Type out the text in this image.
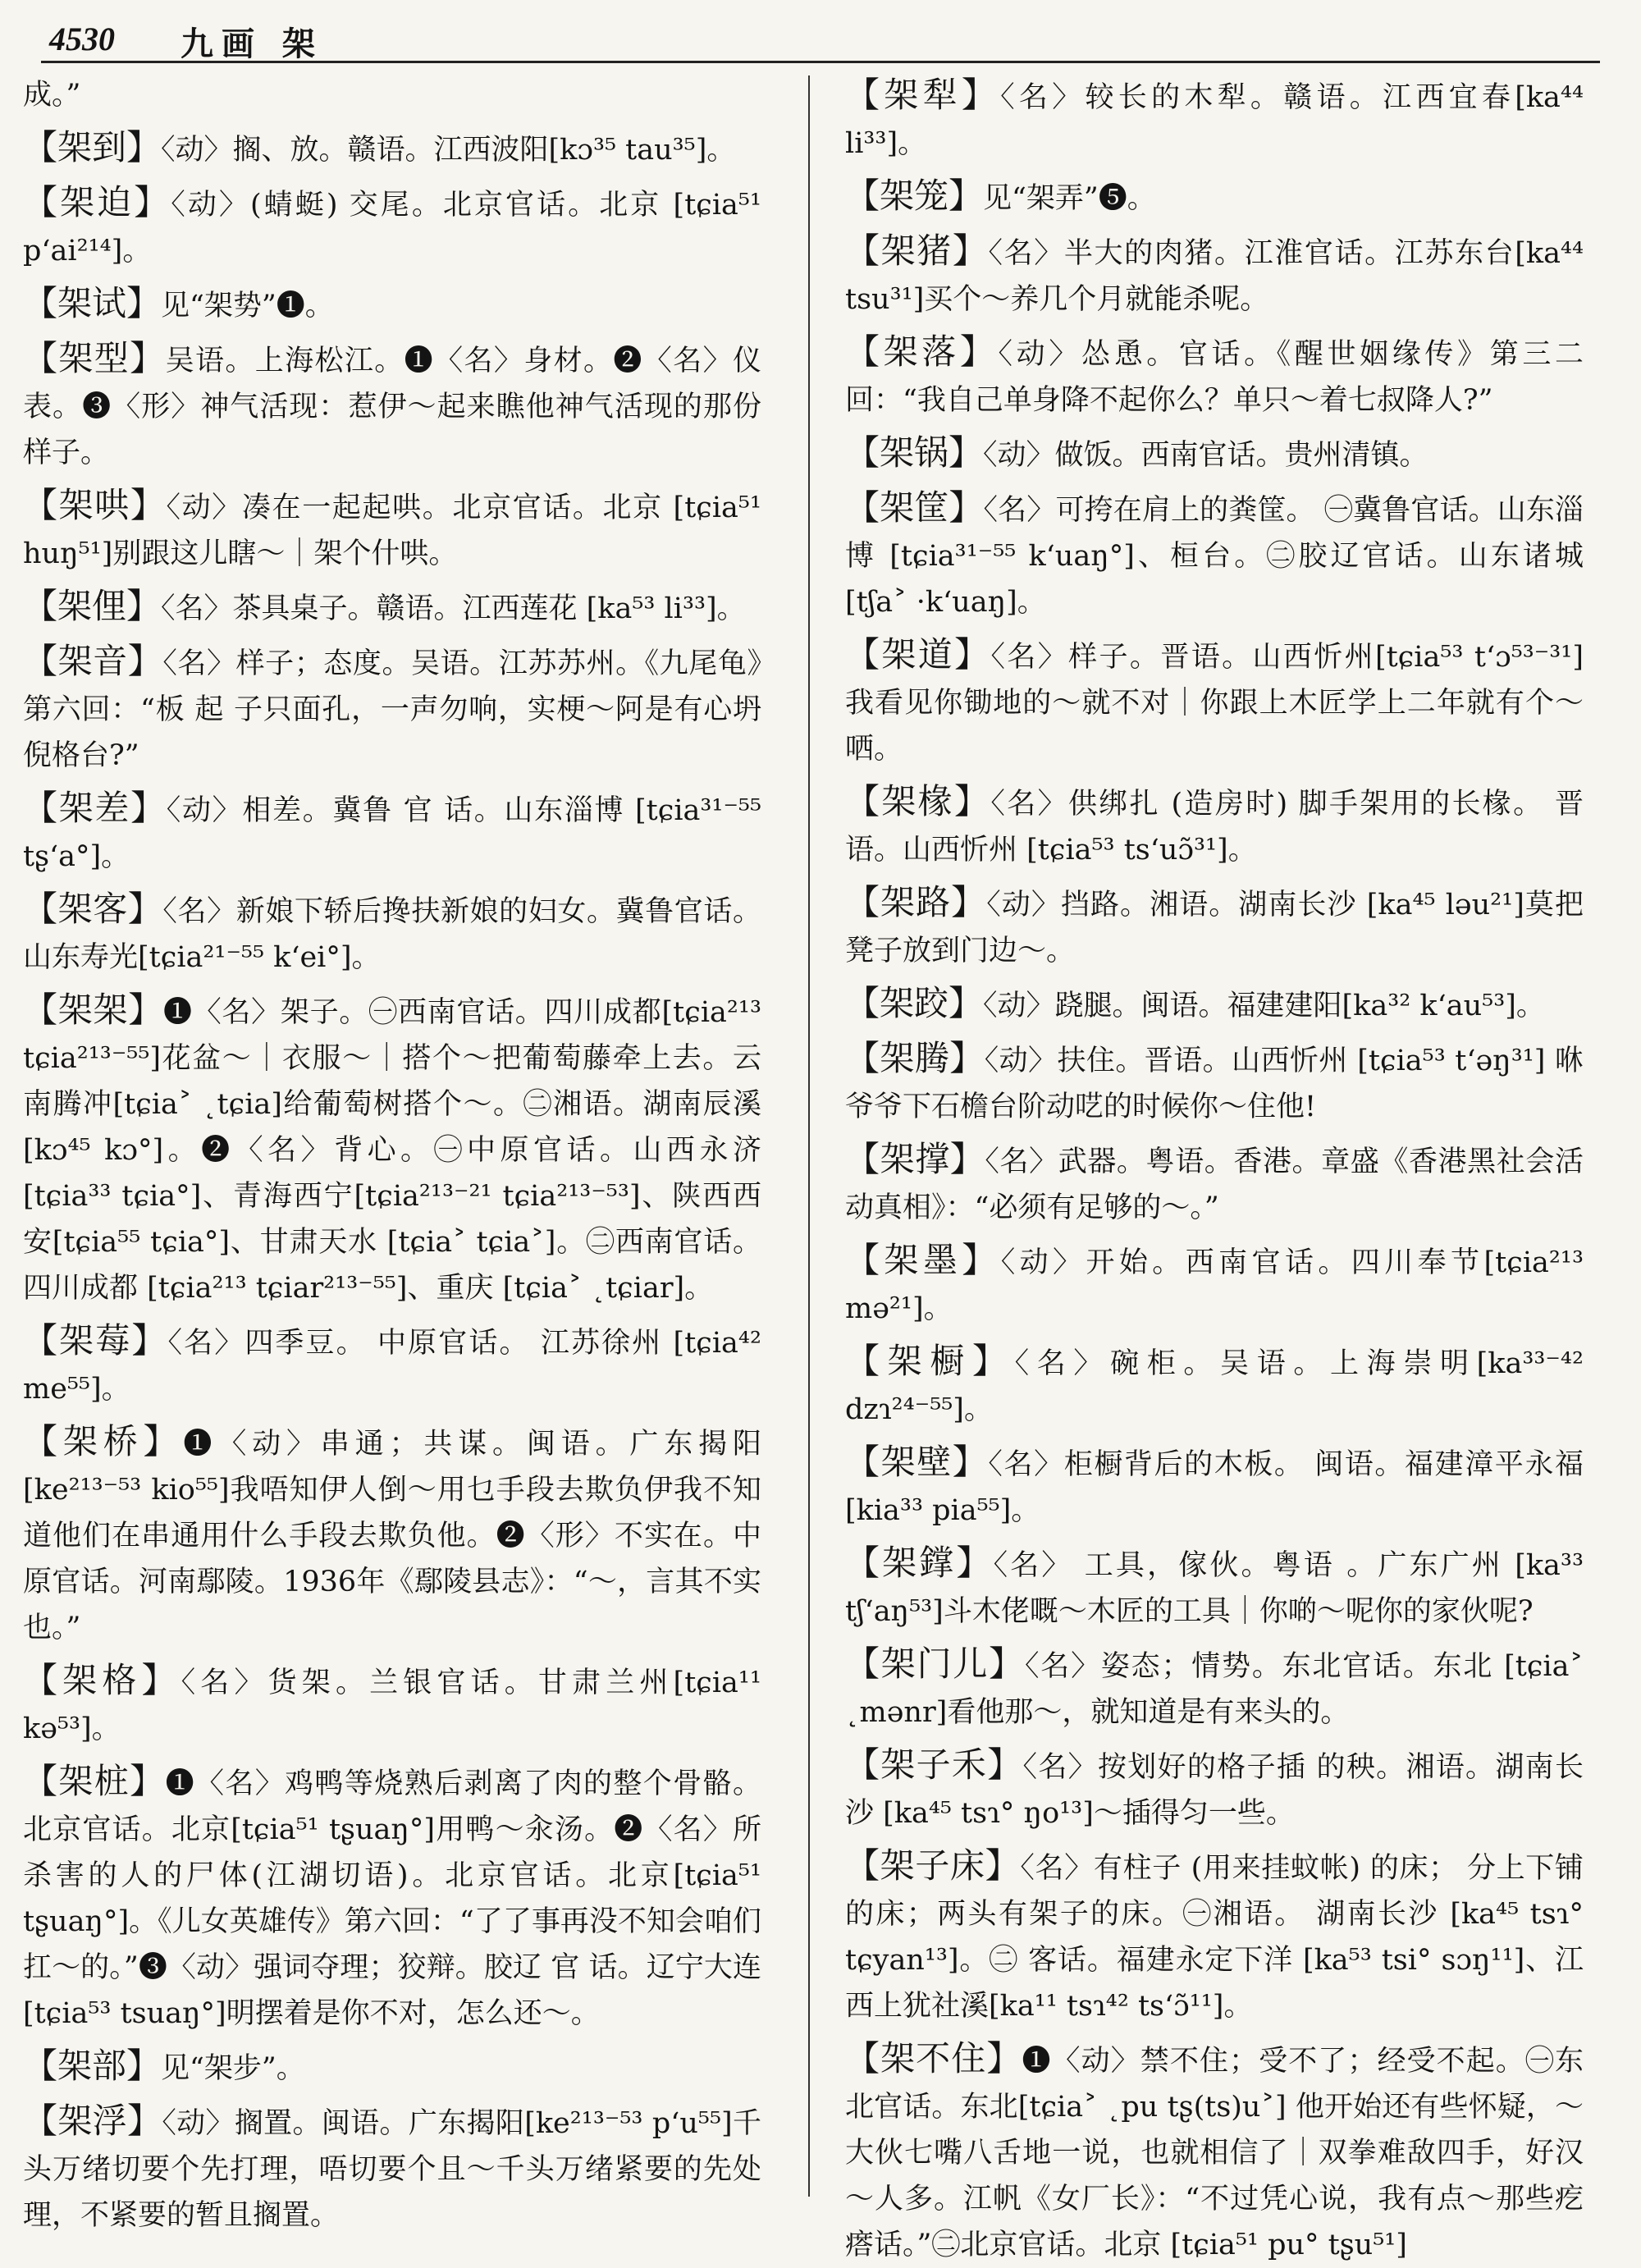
4530 九画 架
成。”
【架到】〈动〉搁、放。赣语。江西波阳[kɔ³⁵ tau³⁵]。
【架迫】〈动〉(蜻蜓) 交尾。北京官话。北京 [tɕia⁵¹ p‘ai²¹⁴]。
【架试】见“架势”❶。
【架型】吴语。上海松江。❶〈名〉身材。❷〈名〉仪表。❸〈形〉神气活现：惹伊～起来瞧他神气活现的那份样子。
【架哄】〈动〉凑在一起起哄。北京官话。北京 [tɕia⁵¹ huŋ⁵¹]别跟这儿瞎～｜架个什哄。
【架俚】〈名〉茶具桌子。赣语。江西莲花 [ka⁵³ li³³]。
【架音】〈名〉样子；态度。吴语。江苏苏州。《九尾龟》第六回：“板 起 子只面孔，一声勿响，实梗～阿是有心坍倪格台?”
【架差】〈动〉相差。冀鲁 官 话。山东淄博 [tɕia³¹⁻⁵⁵ tʂ‘a°]。
【架客】〈名〉新娘下轿后搀扶新娘的妇女。冀鲁官话。山东寿光[tɕia²¹⁻⁵⁵ k‘ei°]。
【架架】❶〈名〉架子。㊀西南官话。四川成都[tɕia²¹³ tɕia²¹³⁻⁵⁵]花盆～｜衣服～｜搭个～把葡萄藤牵上去。云南腾冲[tɕia˃ ˛tɕia]给葡萄树搭个～。㊁湘语。湖南辰溪 [kɔ⁴⁵ kɔ°]。❷〈名〉背心。㊀中原官话。山西永济[tɕia³³ tɕia°]、青海西宁[tɕia²¹³⁻²¹ tɕia²¹³⁻⁵³]、陕西西安[tɕia⁵⁵ tɕia°]、甘肃天水 [tɕia˃ tɕia˃]。㊁西南官话。 四川成都 [tɕia²¹³ tɕiar²¹³⁻⁵⁵]、重庆 [tɕia˃ ˛tɕiar]。
【架莓】〈名〉四季豆。 中原官话。 江苏徐州 [tɕia⁴² me⁵⁵]。
【架桥】❶〈动〉串通；共谋。闽语。广东揭阳[ke²¹³⁻⁵³ kio⁵⁵]我唔知伊人倒～用乜手段去欺负伊我不知道他们在串通用什么手段去欺负他。❷〈形〉不实在。中原官话。河南鄢陵。1936年《鄢陵县志》：“～，言其不实也。”
【架格】〈名〉货架。兰银官话。甘肃兰州[tɕia¹¹ kə⁵³]。
【架桩】❶〈名〉鸡鸭等烧熟后剥离了肉的整个骨骼。北京官话。北京[tɕia⁵¹ tʂuaŋ°]用鸭～汆汤。❷〈名〉所杀害的人的尸体(江湖切语)。北京官话。北京[tɕia⁵¹ tʂuaŋ°]。《儿女英雄传》第六回：“了了事再没不知会咱们扛～的。”❸〈动〉强词夺理；狡辩。胶辽 官 话。辽宁大连[tɕia⁵³ tsuaŋ°]明摆着是你不对，怎么还～。
【架部】见“架步”。
【架浮】〈动〉搁置。闽语。广东揭阳[ke²¹³⁻⁵³ p‘u⁵⁵]千头万绪切要个先打理，唔切要个且～千头万绪紧要的先处理，不紧要的暂且搁置。
【架犁】〈名〉较长的木犁。赣语。江西宜春[ka⁴⁴ li³³]。
【架笼】见“架弄”❺。
【架猪】〈名〉半大的肉猪。江淮官话。江苏东台[ka⁴⁴ tsu³¹]买个～养几个月就能杀呢。
【架落】〈动〉怂恿。官话。《醒世姻缘传》第三二回：“我自己单身降不起你么？单只～着七叔降人?”
【架锅】〈动〉做饭。西南官话。贵州清镇。
【架筐】〈名〉可挎在肩上的粪筐。 ㊀冀鲁官话。山东淄博 [tɕia³¹⁻⁵⁵ k‘uaŋ°]、桓台。㊁胶辽官话。山东诸城 [tʃa˃ ·k‘uaŋ]。
【架道】〈名〉样子。晋语。山西忻州[tɕia⁵³ t‘ɔ⁵³⁻³¹] 我看见你锄地的～就不对｜你跟上木匠学上二年就有个～哂。
【架椽】〈名〉供绑扎 (造房时) 脚手架用的长椽。 晋语。山西忻州 [tɕia⁵³ ts‘uɔ̃³¹]。
【架路】〈动〉挡路。湘语。湖南长沙 [ka⁴⁵ ləu²¹]莫把凳子放到门边～。
【架跤】〈动〉跷腿。闽语。福建建阳[ka³² k‘au⁵³]。
【架腾】〈动〉扶住。晋语。山西忻州 [tɕia⁵³ t‘əŋ³¹] 咻爷爷下石檐台阶动呓的时候你～住他!
【架撑】〈名〉武器。粤语。香港。章盛《香港黑社会活动真相》：“必须有足够的～。”
【架墨】〈动〉开始。西南官话。四川奉节[tɕia²¹³ mə²¹]。
【架橱】〈名〉碗柜。吴语。上海崇明[ka³³⁻⁴² dzɿ²⁴⁻⁵⁵]。
【架壁】〈名〉柜橱背后的木板。 闽语。福建漳平永福 [kia³³ pia⁵⁵]。
【架鐣】〈名〉 工具，傢伙。粤语 。广东广州 [ka³³ tʃ‘aŋ⁵³]斗木佬嘅～木匠的工具｜你啲～呢你的家伙呢?
【架门儿】〈名〉姿态；情势。东北官话。东北 [tɕia˃ ˛mənr]看他那～，就知道是有来头的。
【架子禾】〈名〉按划好的格子插 的秧。湘语。湖南长沙 [ka⁴⁵ tsɿ° ŋo¹³]～插得匀一些。
【架子床】〈名〉有柱子 (用来挂蚊帐) 的床； 分上下铺的床；两头有架子的床。㊀湘语。 湖南长沙 [ka⁴⁵ tsɿ° tɕyan¹³]。㊁ 客话。福建永定下洋 [ka⁵³ tsi° sɔŋ¹¹]、江西上犹社溪[ka¹¹ tsɿ⁴² ts‘ɔ̃¹¹]。
【架不住】❶〈动〉禁不住；受不了；经受不起。㊀东北官话。东北[tɕia˃ ˛pu tʂ(ts)u˃] 他开始还有些怀疑，～大伙七嘴八舌地一说，也就相信了｜双拳难敌四手，好汉～人多。江帆《女厂长》：“不过凭心说，我有点～那些疙瘩话。”㊁北京官话。北京 [tɕia⁵¹ pu° tʂu⁵¹]
